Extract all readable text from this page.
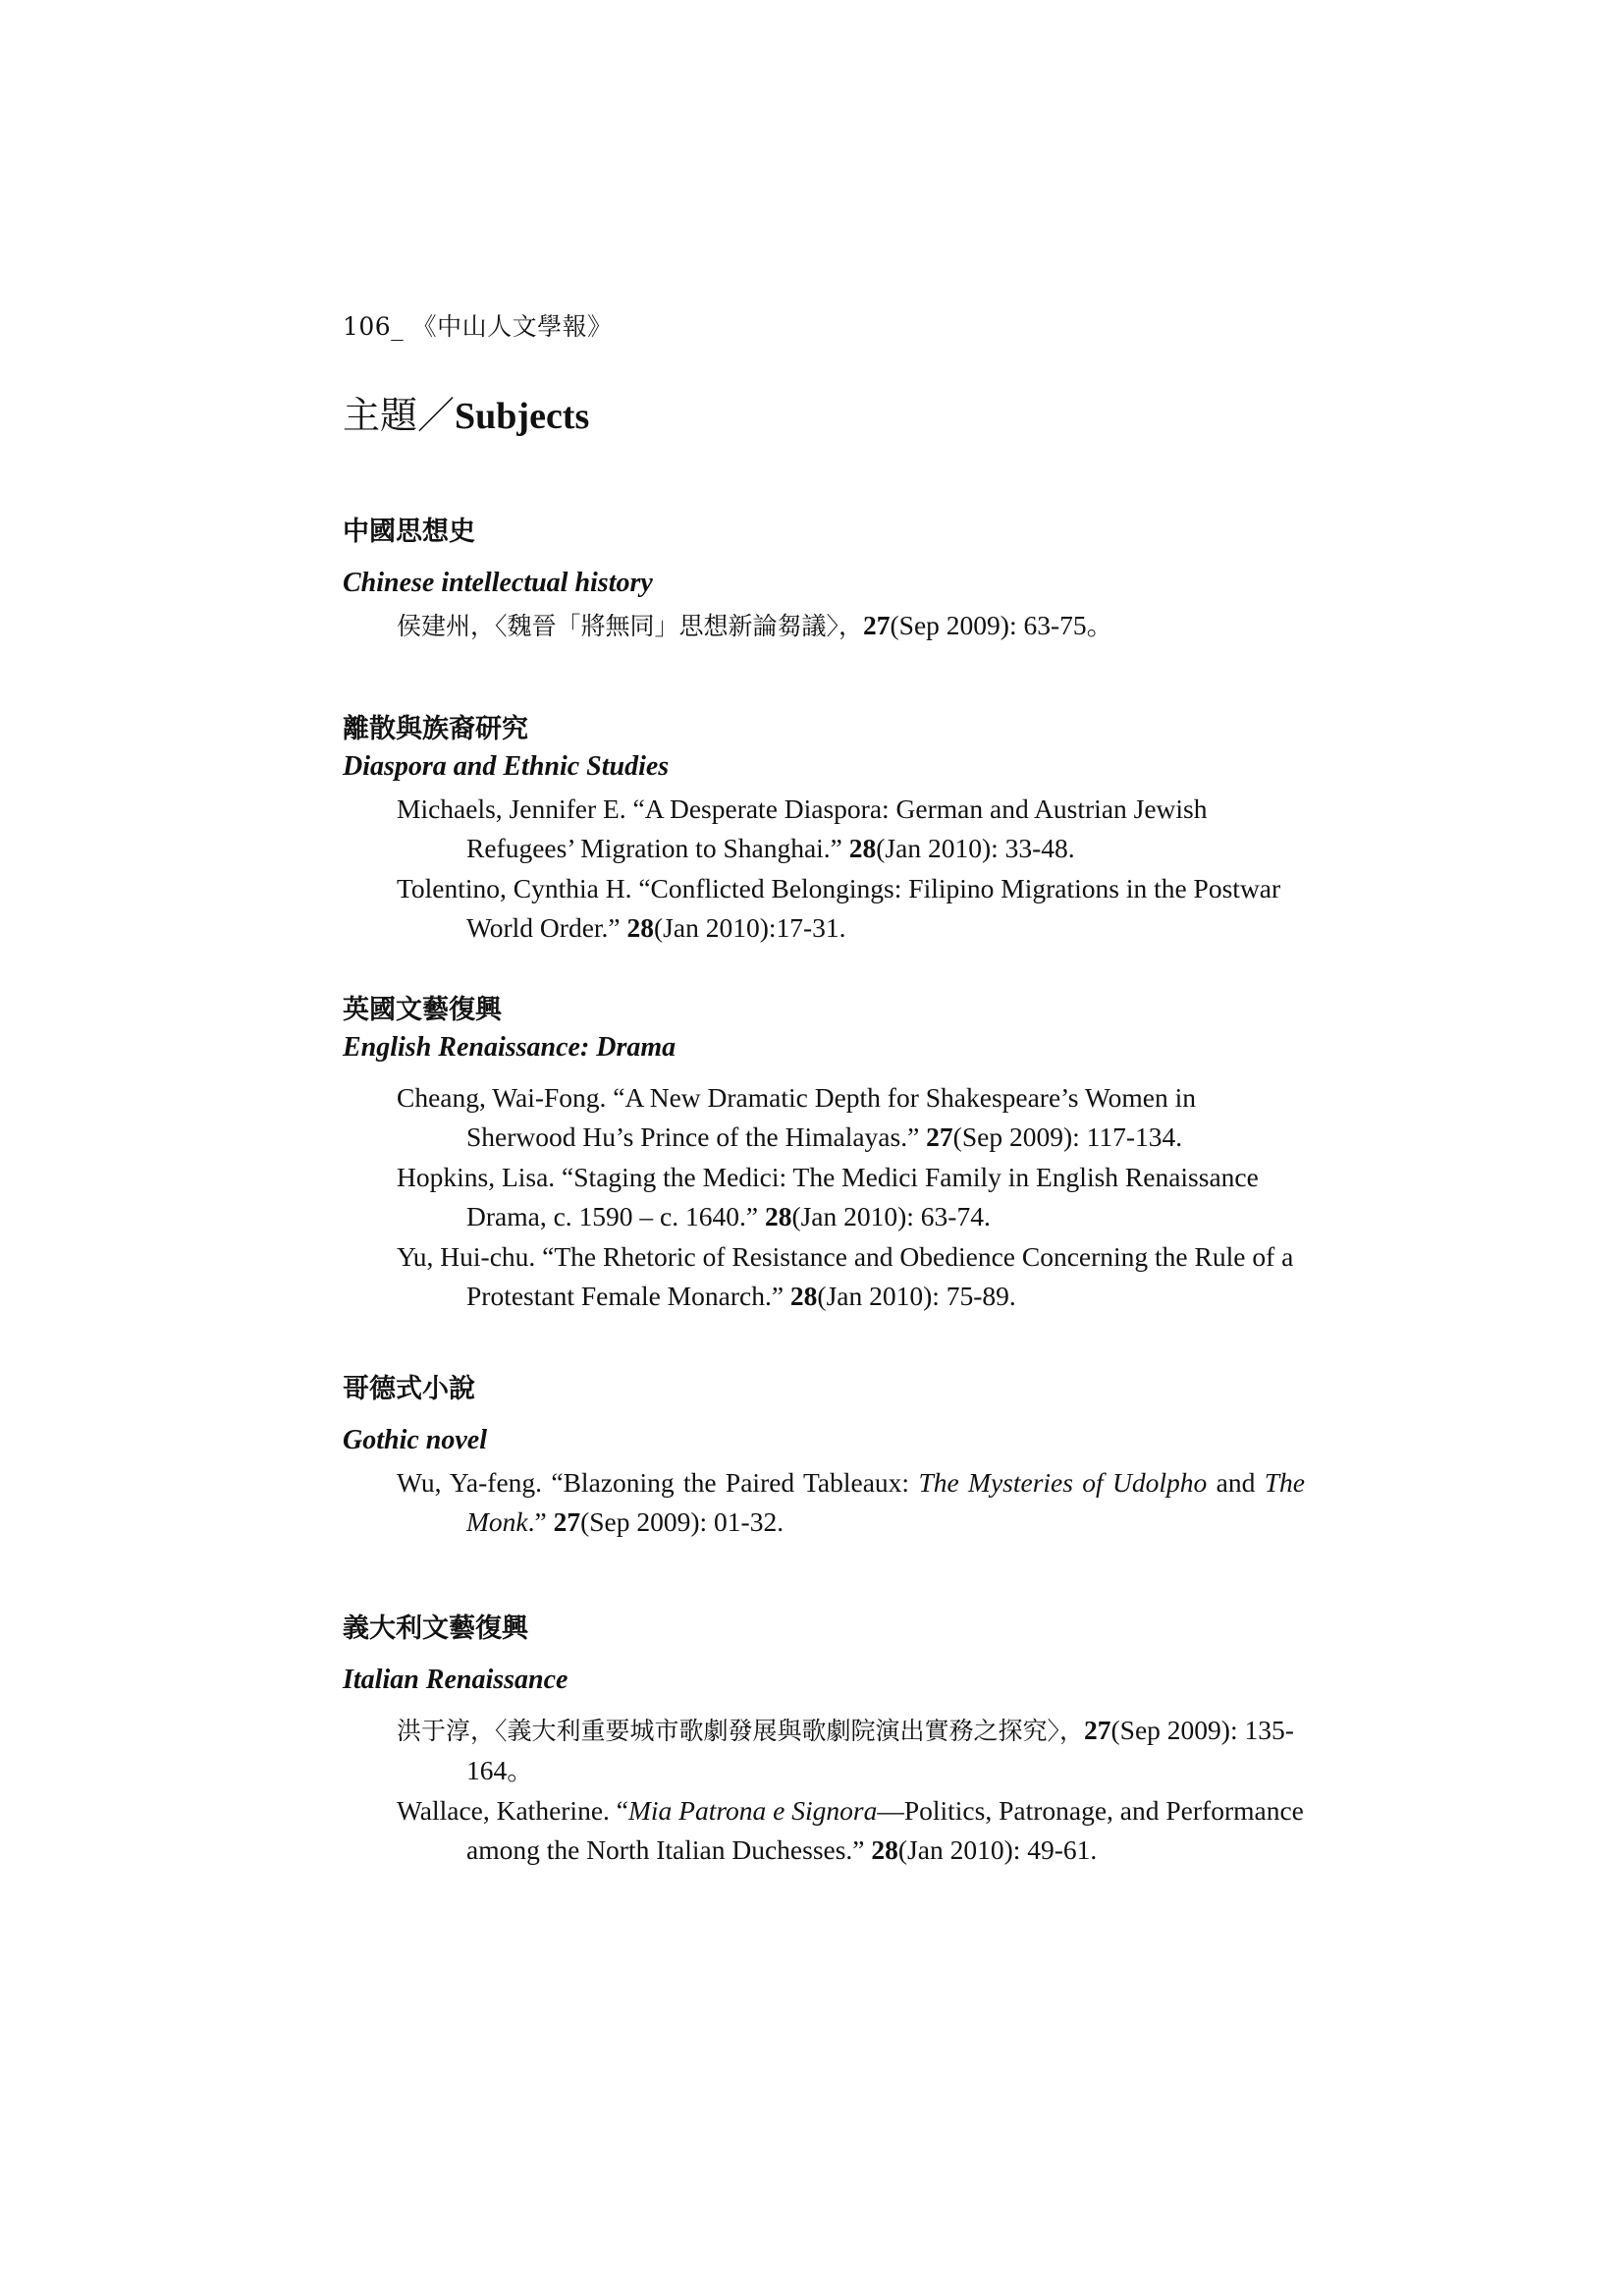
106_ 《中山人文學報》
主題／Subjects
中國思想史
Chinese intellectual history
侯建州，〈魏晉「將無同」思想新論芻議〉，27(Sep 2009): 63-75。
離散與族裔研究
Diaspora and Ethnic Studies
Michaels, Jennifer E. “A Desperate Diaspora: German and Austrian Jewish Refugees’ Migration to Shanghai.” 28(Jan 2010): 33-48.
Tolentino, Cynthia H. “Conflicted Belongings: Filipino Migrations in the Postwar World Order.” 28(Jan 2010):17-31.
英國文藝復興
English Renaissance: Drama
Cheang, Wai-Fong. “A New Dramatic Depth for Shakespeare’s Women in Sherwood Hu’s Prince of the Himalayas.” 27(Sep 2009): 117-134.
Hopkins, Lisa. “Staging the Medici: The Medici Family in English Renaissance Drama, c. 1590 – c. 1640.” 28(Jan 2010): 63-74.
Yu, Hui-chu. “The Rhetoric of Resistance and Obedience Concerning the Rule of a Protestant Female Monarch.” 28(Jan 2010): 75-89.
哥德式小說
Gothic novel
Wu, Ya-feng. “Blazoning the Paired Tableaux: The Mysteries of Udolpho and The Monk.” 27(Sep 2009): 01-32.
義大利文藝復興
Italian Renaissance
洪于淳，〈義大利重要城市歌劇發展與歌劇院演出實務之探究〉，27(Sep 2009): 135-164。
Wallace, Katherine. “Mia Patrona e Signora—Politics, Patronage, and Performance among the North Italian Duchesses.” 28(Jan 2010): 49-61.
